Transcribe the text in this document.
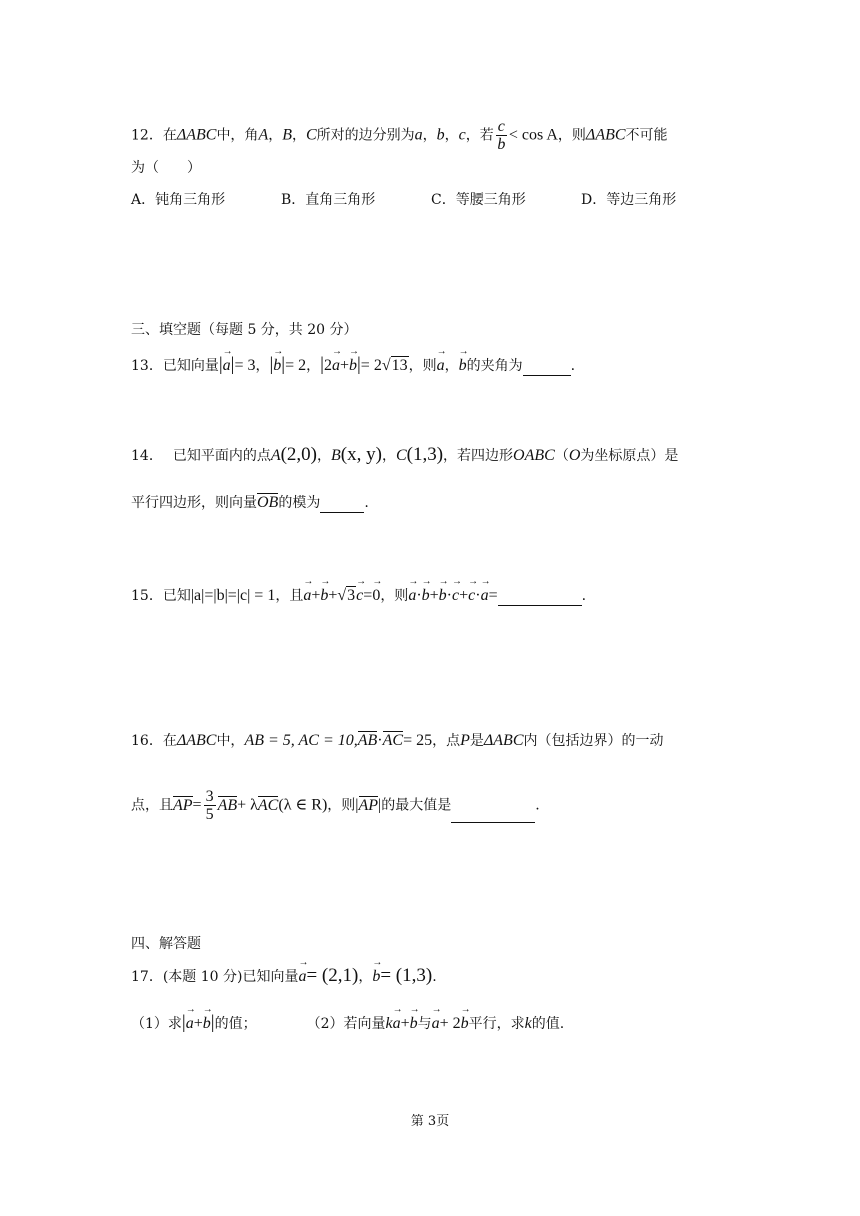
12．在ΔABC中，角A，B，C所对的边分别为a，b，c，若 $\frac{c}{b} < \cos A$，则ΔABC不可能
为（　　）
A．钝角三角形	B．直角三角形	C．等腰三角形	D．等边三角形
三、填空题（每题 5 分，共 20 分）
13．已知向量|→ a|= 3，|→ b|= 2，|2→ a+→ b|= 2√13，则→ a，→ b的夹角为	.
14． 已知平面内的点A(2,0)，B(x, y)，C(1,3)，若四边形OABC（O为坐标原点）是
平行四边形，则向量OB的模为	.
15．已知|a|=|b|=|c| = 1，且→ a+→ b+√3→ c=→ 0，则→ a·→ b+→ b·→ c+→ c·→ a=	.
16．在ΔABC中，AB = 5, AC = 10,AB·AC= 25，点P是ΔABC内（包括边界）的一动
点，且$AP= \frac{3}{5} AB+ \lambda AC(\lambda$ ∈ R)，则|AP|的最大值是	.
四、解答题
17．(本题 10 分)已知向量→ a= (2,1)，→ b= (1,3).
（1）求|→ a+→ b|的值；	（2）若向量k→ a+→ b与→ a+ 2→ b平行，求k的值.
第 3页
